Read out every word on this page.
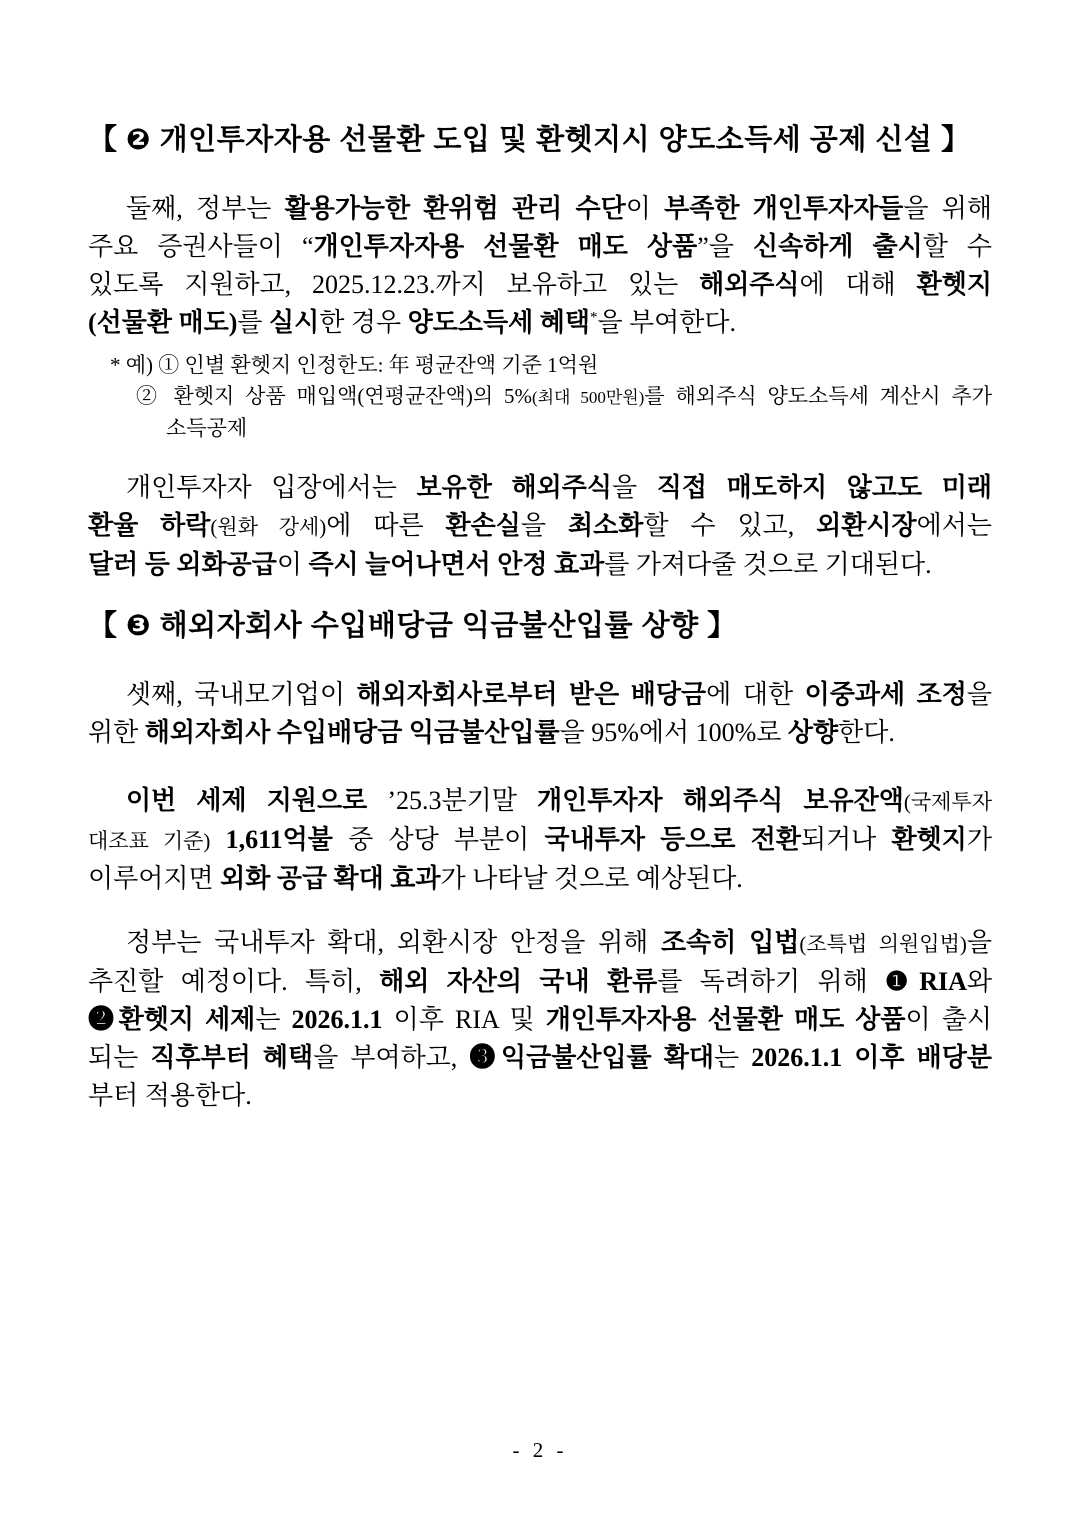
【 ❷ 개인투자자용 선물환 도입 및 환헷지시 양도소득세 공제 신설 】
둘째, 정부는 활용가능한 환위험 관리 수단이 부족한 개인투자자들을 위해
주요 증권사들이 “개인투자자용 선물환 매도 상품”을 신속하게 출시할 수
있도록 지원하고, 2025.12.23.까지 보유하고 있는 해외주식에 대해 환헷지
(선물환 매도)를 실시한 경우 양도소득세 혜택*을 부여한다.
* 예) ① 인별 환헷지 인정한도: 年 평균잔액 기준 1억원
② 환헷지 상품 매입액(연평균잔액)의 5%(최대 500만원)를 해외주식 양도소득세 계산시 추가
소득공제
개인투자자 입장에서는 보유한 해외주식을 직접 매도하지 않고도 미래
환율 하락(원화 강세)에 따른 환손실을 최소화할 수 있고, 외환시장에서는
달러 등 외화공급이 즉시 늘어나면서 안정 효과를 가져다줄 것으로 기대된다.
【 ❸ 해외자회사 수입배당금 익금불산입률 상향 】
셋째, 국내모기업이 해외자회사로부터 받은 배당금에 대한 이중과세 조정을
위한 해외자회사 수입배당금 익금불산입률을 95%에서 100%로 상향한다.
이번 세제 지원으로 ’25.3분기말 개인투자자 해외주식 보유잔액(국제투자
대조표 기준) 1,611억불 중 상당 부분이 국내투자 등으로 전환되거나 환헷지가
이루어지면 외화 공급 확대 효과가 나타날 것으로 예상된다.
정부는 국내투자 확대, 외환시장 안정을 위해 조속히 입법(조특법 의원입법)을
추진할 예정이다. 특히, 해외 자산의 국내 환류를 독려하기 위해 ❶RIA와
❷환헷지 세제는 2026.1.1 이후 RIA 및 개인투자자용 선물환 매도 상품이 출시
되는 직후부터 혜택을 부여하고, ❸익금불산입률 확대는 2026.1.1 이후 배당분
부터 적용한다.
- 2 -
